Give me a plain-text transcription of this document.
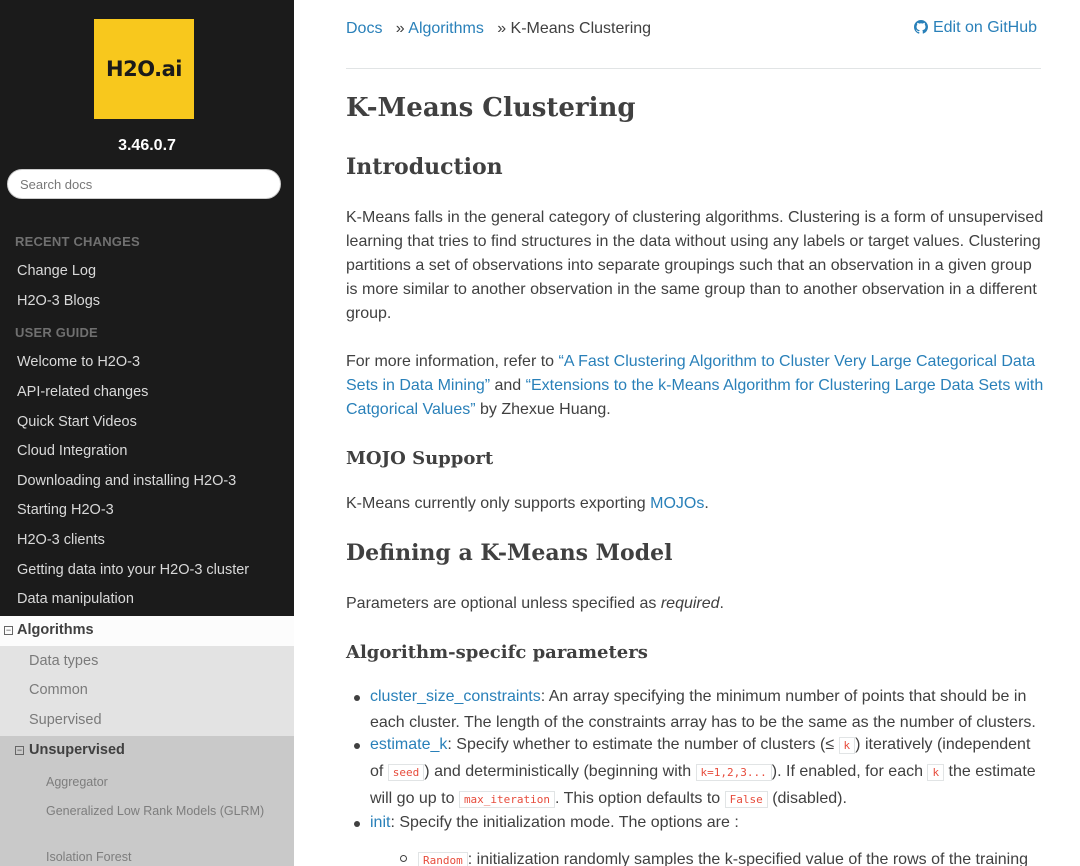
H2O.ai
3.46.0.7
Search docs
RECENT CHANGES
Change Log
H2O-3 Blogs
USER GUIDE
Welcome to H2O-3
API-related changes
Quick Start Videos
Cloud Integration
Downloading and installing H2O-3
Starting H2O-3
H2O-3 clients
Getting data into your H2O-3 cluster
Data manipulation
− Algorithms
Data types
Common
Supervised
− Unsupervised
Aggregator
Generalized Low Rank Models (GLRM)
Isolation Forest
Docs » Algorithms » K-Means Clustering	Edit on GitHub
K-Means Clustering
Introduction
K-Means falls in the general category of clustering algorithms. Clustering is a form of unsupervised learning that tries to find structures in the data without using any labels or target values. Clustering partitions a set of observations into separate groupings such that an observation in a given group is more similar to another observation in the same group than to another observation in a different group.
For more information, refer to “A Fast Clustering Algorithm to Cluster Very Large Categorical Data Sets in Data Mining” and “Extensions to the k-Means Algorithm for Clustering Large Data Sets with Catgorical Values” by Zhexue Huang.
MOJO Support
K-Means currently only supports exporting MOJOs.
Defining a K-Means Model
Parameters are optional unless specified as required.
Algorithm-specifc parameters
cluster_size_constraints: An array specifying the minimum number of points that should be in each cluster. The length of the constraints array has to be the same as the number of clusters.
estimate_k: Specify whether to estimate the number of clusters (≤ k ) iteratively (independent of seed ) and deterministically (beginning with k=1,2,3... ). If enabled, for each k the estimate will go up to max_iteration . This option defaults to False (disabled).
init: Specify the initialization mode. The options are :
Random : initialization randomly samples the k-specified value of the rows of the training
